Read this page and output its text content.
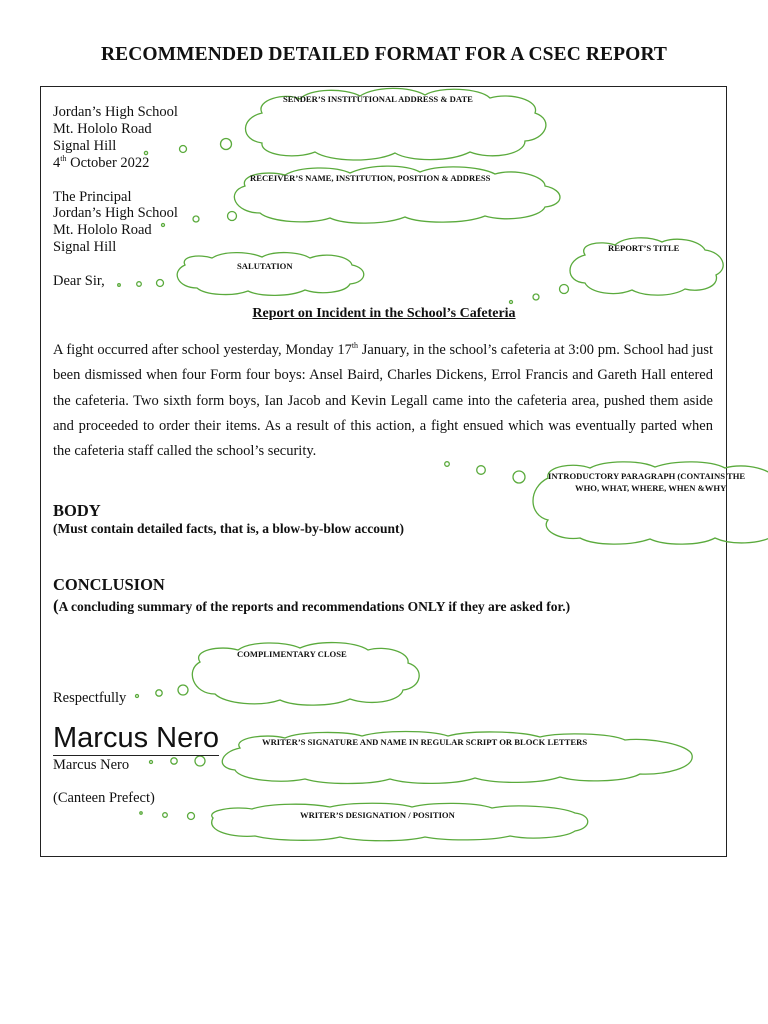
RECOMMENDED DETAILED FORMAT FOR A CSEC REPORT
SENDER’S INSTITUTIONAL ADDRESS & DATE
RECEIVER’S NAME, INSTITUTION, POSITION & ADDRESS
SALUTATION
REPORT’S TITLE
INTRODUCTORY PARAGRAPH (CONTAINS THE
WHO, WHAT, WHERE, WHEN &WHY
COMPLIMENTARY CLOSE
WRITER’S SIGNATURE AND NAME IN REGULAR SCRIPT OR BLOCK LETTERS
WRITER’S DESIGNATION / POSITION
Jordan’s High School
Mt. Hololo Road
Signal Hill
4th October 2022
The Principal
Jordan’s High School
Mt. Hololo Road
Signal Hill
Dear Sir,
Report on Incident in the School’s Cafeteria
A fight occurred after school yesterday, Monday 17th January, in the school’s cafeteria at 3:00 pm. School had just been dismissed when four Form four boys: Ansel Baird, Charles Dickens, Errol Francis and Gareth Hall entered the cafeteria. Two sixth form boys, Ian Jacob and Kevin Legall came into the cafeteria area, pushed them aside and proceeded to order their items. As a result of this action, a fight ensued which was eventually parted when the cafeteria staff called the school’s security.
BODY
(Must contain detailed facts, that is, a blow-by-blow account)
CONCLUSION
(A concluding summary of the reports and recommendations ONLY if they are asked for.)
Respectfully
Marcus Nero
Marcus Nero
(Canteen Prefect)
